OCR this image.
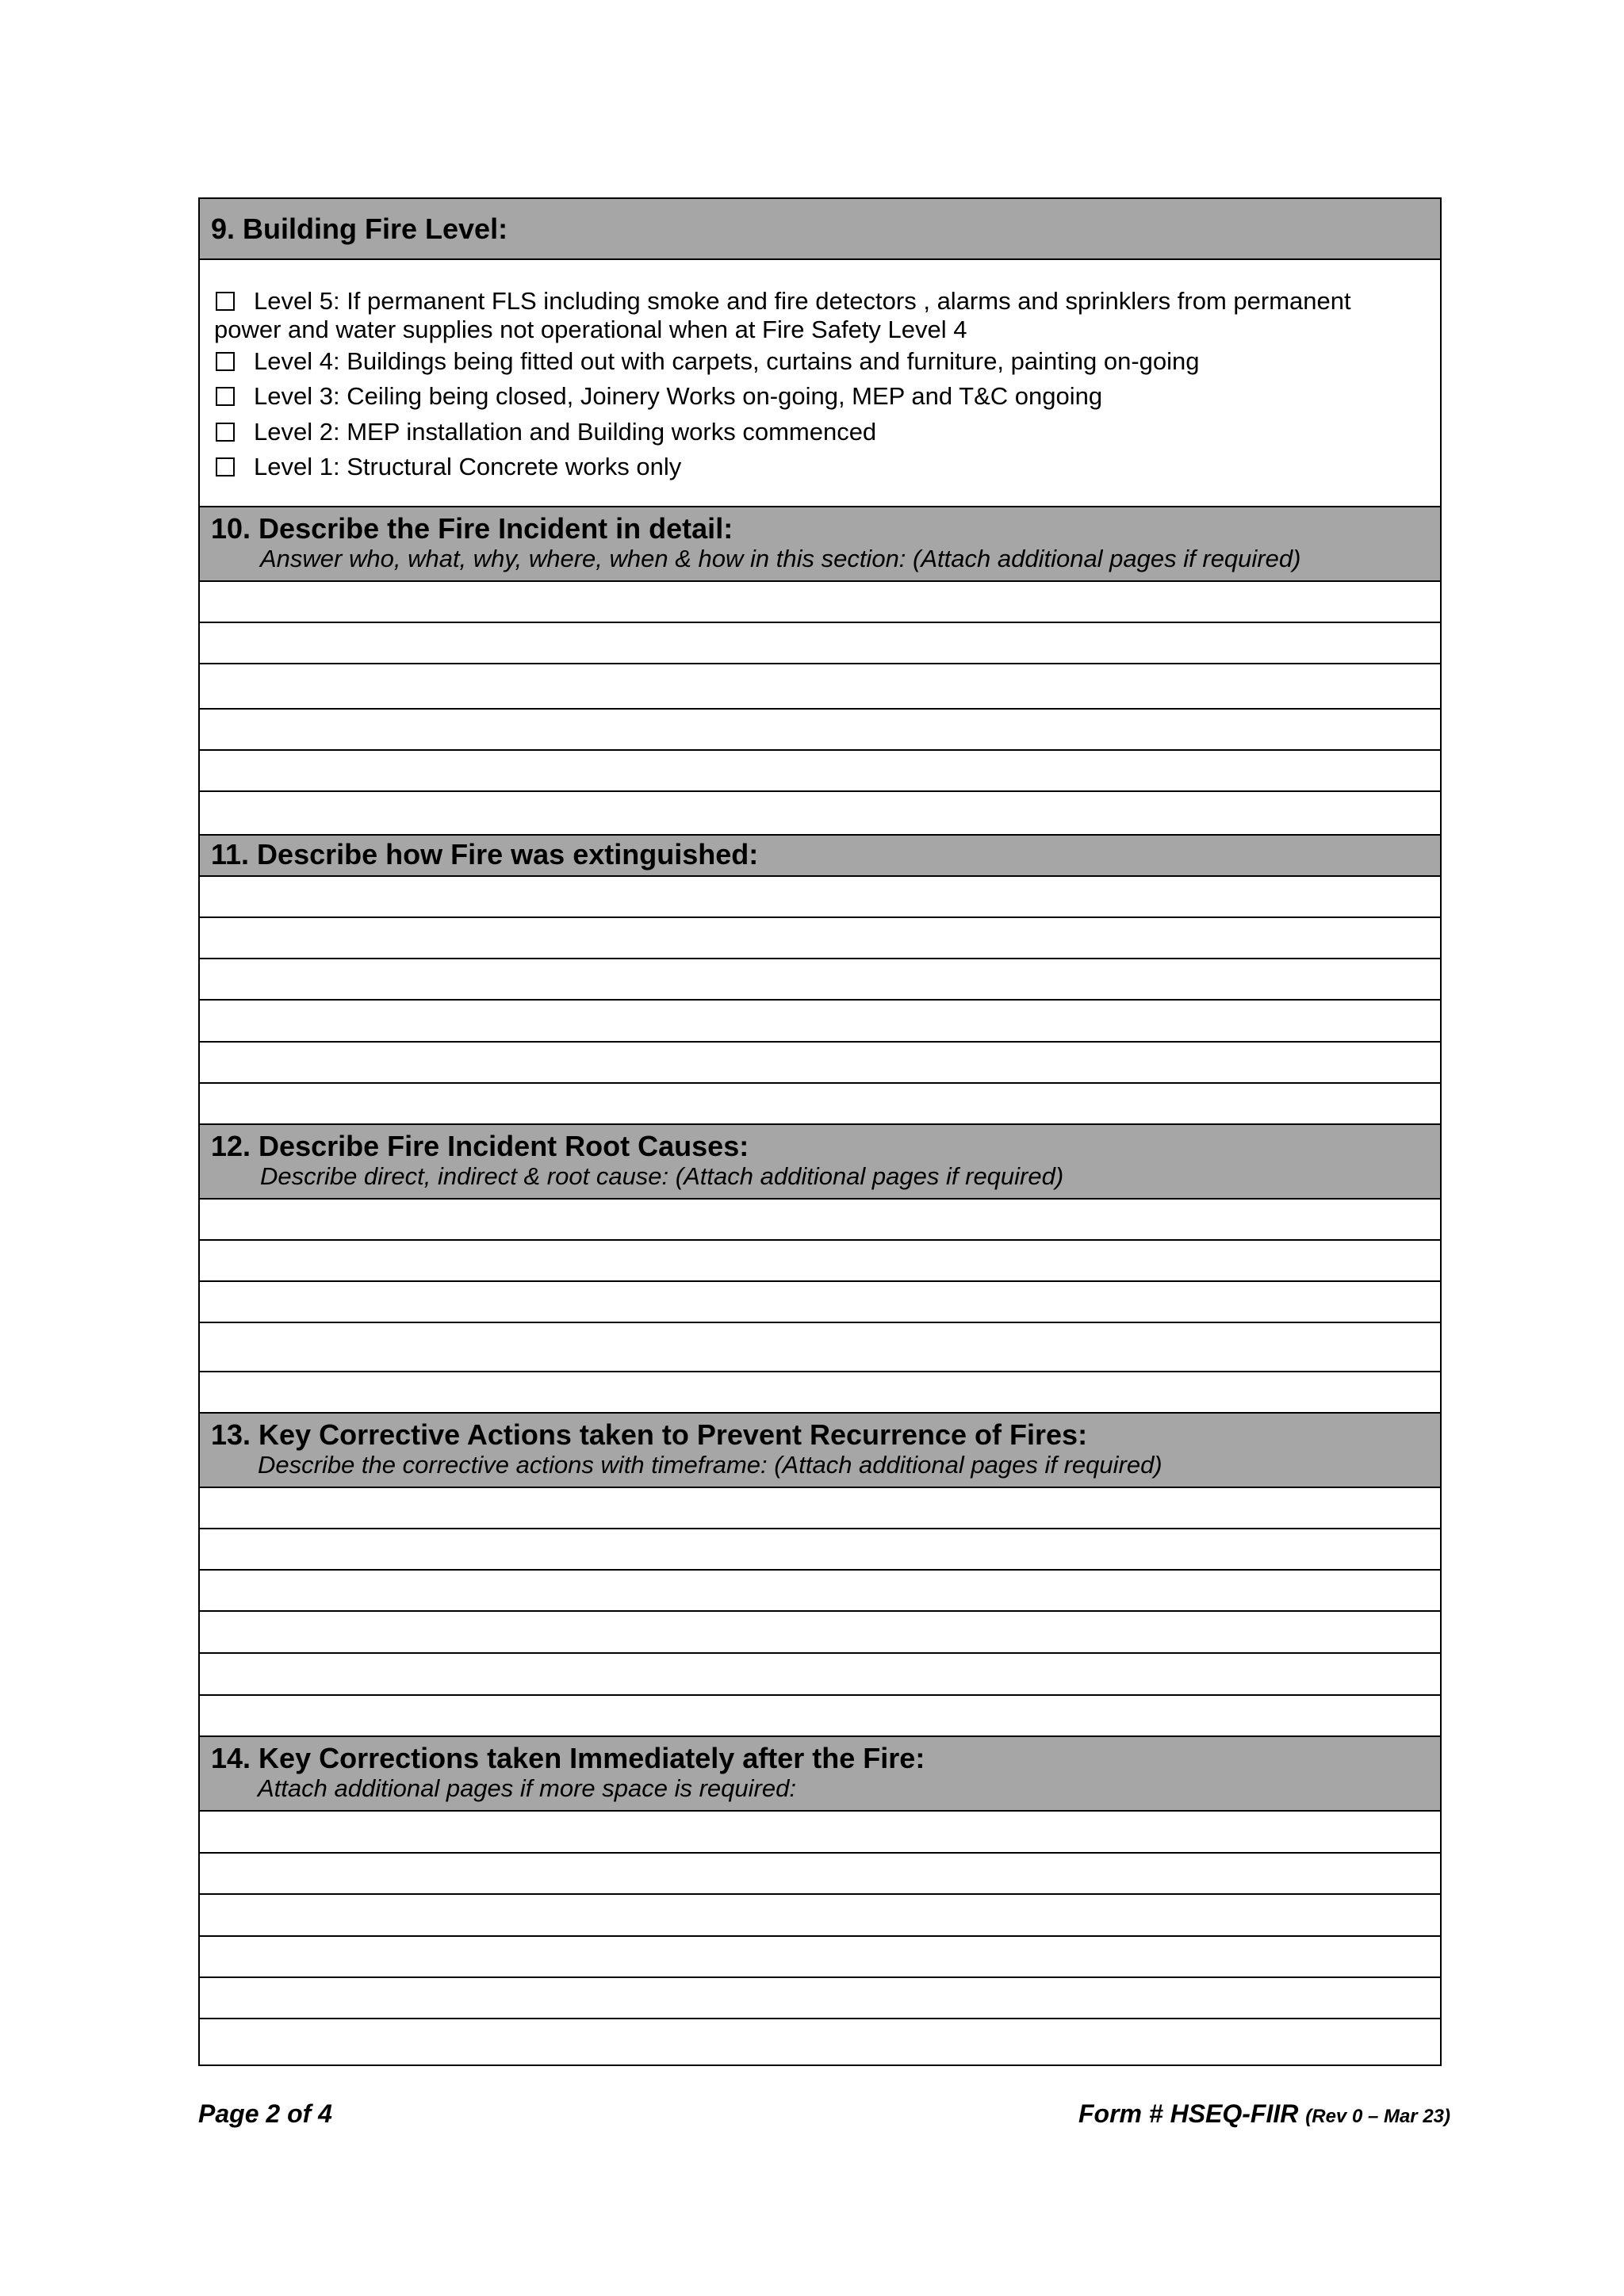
9. Building Fire Level:
Level 5: If permanent FLS including smoke and fire detectors , alarms and sprinklers from permanent
power and water supplies not operational when at Fire Safety Level 4
Level 4: Buildings being fitted out with carpets, curtains and furniture, painting on-going
Level 3: Ceiling being closed, Joinery Works on-going, MEP and T&C ongoing
Level 2: MEP installation and Building works commenced
Level 1: Structural Concrete works only
10. Describe the Fire Incident in detail:
Answer who, what, why, where, when & how in this section: (Attach additional pages if required)
11. Describe how Fire was extinguished:
12. Describe Fire Incident Root Causes:
Describe direct, indirect & root cause: (Attach additional pages if required)
13. Key Corrective Actions taken to Prevent Recurrence of Fires:
Describe the corrective actions with timeframe: (Attach additional pages if required)
14. Key Corrections taken Immediately after the Fire:
Attach additional pages if more space is required:
Page 2 of 4	Form # HSEQ-FIIR (Rev 0 – Mar 23)
